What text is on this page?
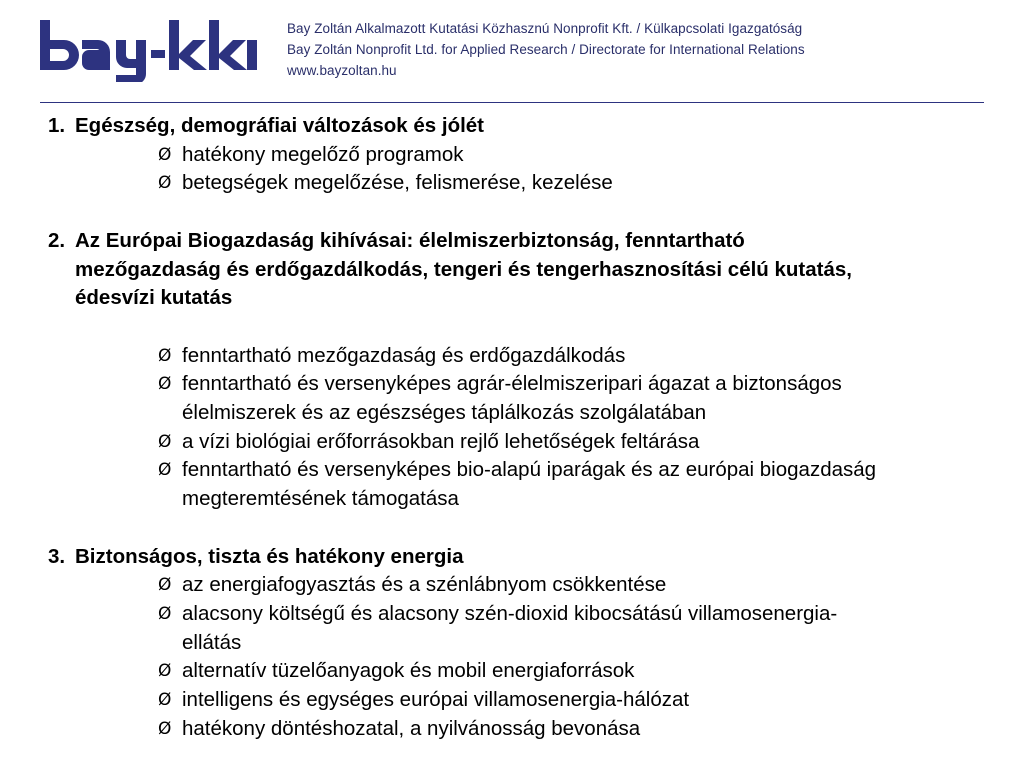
Bay Zoltán Alkalmazott Kutatási Közhasznú Nonprofit Kft. / Külkapcsolati Igazgatóság
Bay Zoltán Nonprofit Ltd. for Applied Research / Directorate for International Relations
www.bayzoltan.hu
1. Egészség, demográfiai változások és jólét
Ø hatékony megelőző programok
Ø betegségek megelőzése, felismerése, kezelése
2. Az Európai Biogazdaság kihívásai: élelmiszerbiztonság, fenntartható
mezőgazdaság és erdőgazdálkodás, tengeri és tengerhasznosítási célú kutatás,
édesvízi kutatás
Ø fenntartható mezőgazdaság és erdőgazdálkodás
Ø fenntartható és versenyképes agrár-élelmiszeripari ágazat a biztonságos
élelmiszerek és az egészséges táplálkozás szolgálatában
Ø a vízi biológiai erőforrásokban rejlő lehetőségek feltárása
Ø fenntartható és versenyképes bio-alapú iparágak és az európai biogazdaság
megteremtésének támogatása
3. Biztonságos, tiszta és hatékony energia
Ø az energiafogyasztás és a szénlábnyom csökkentése
Ø alacsony költségű és alacsony szén-dioxid kibocsátású villamosenergia-
ellátás
Ø alternatív tüzelőanyagok és mobil energiaforrások
Ø intelligens és egységes európai villamosenergia-hálózat
Ø hatékony döntéshozatal, a nyilvánosság bevonása
